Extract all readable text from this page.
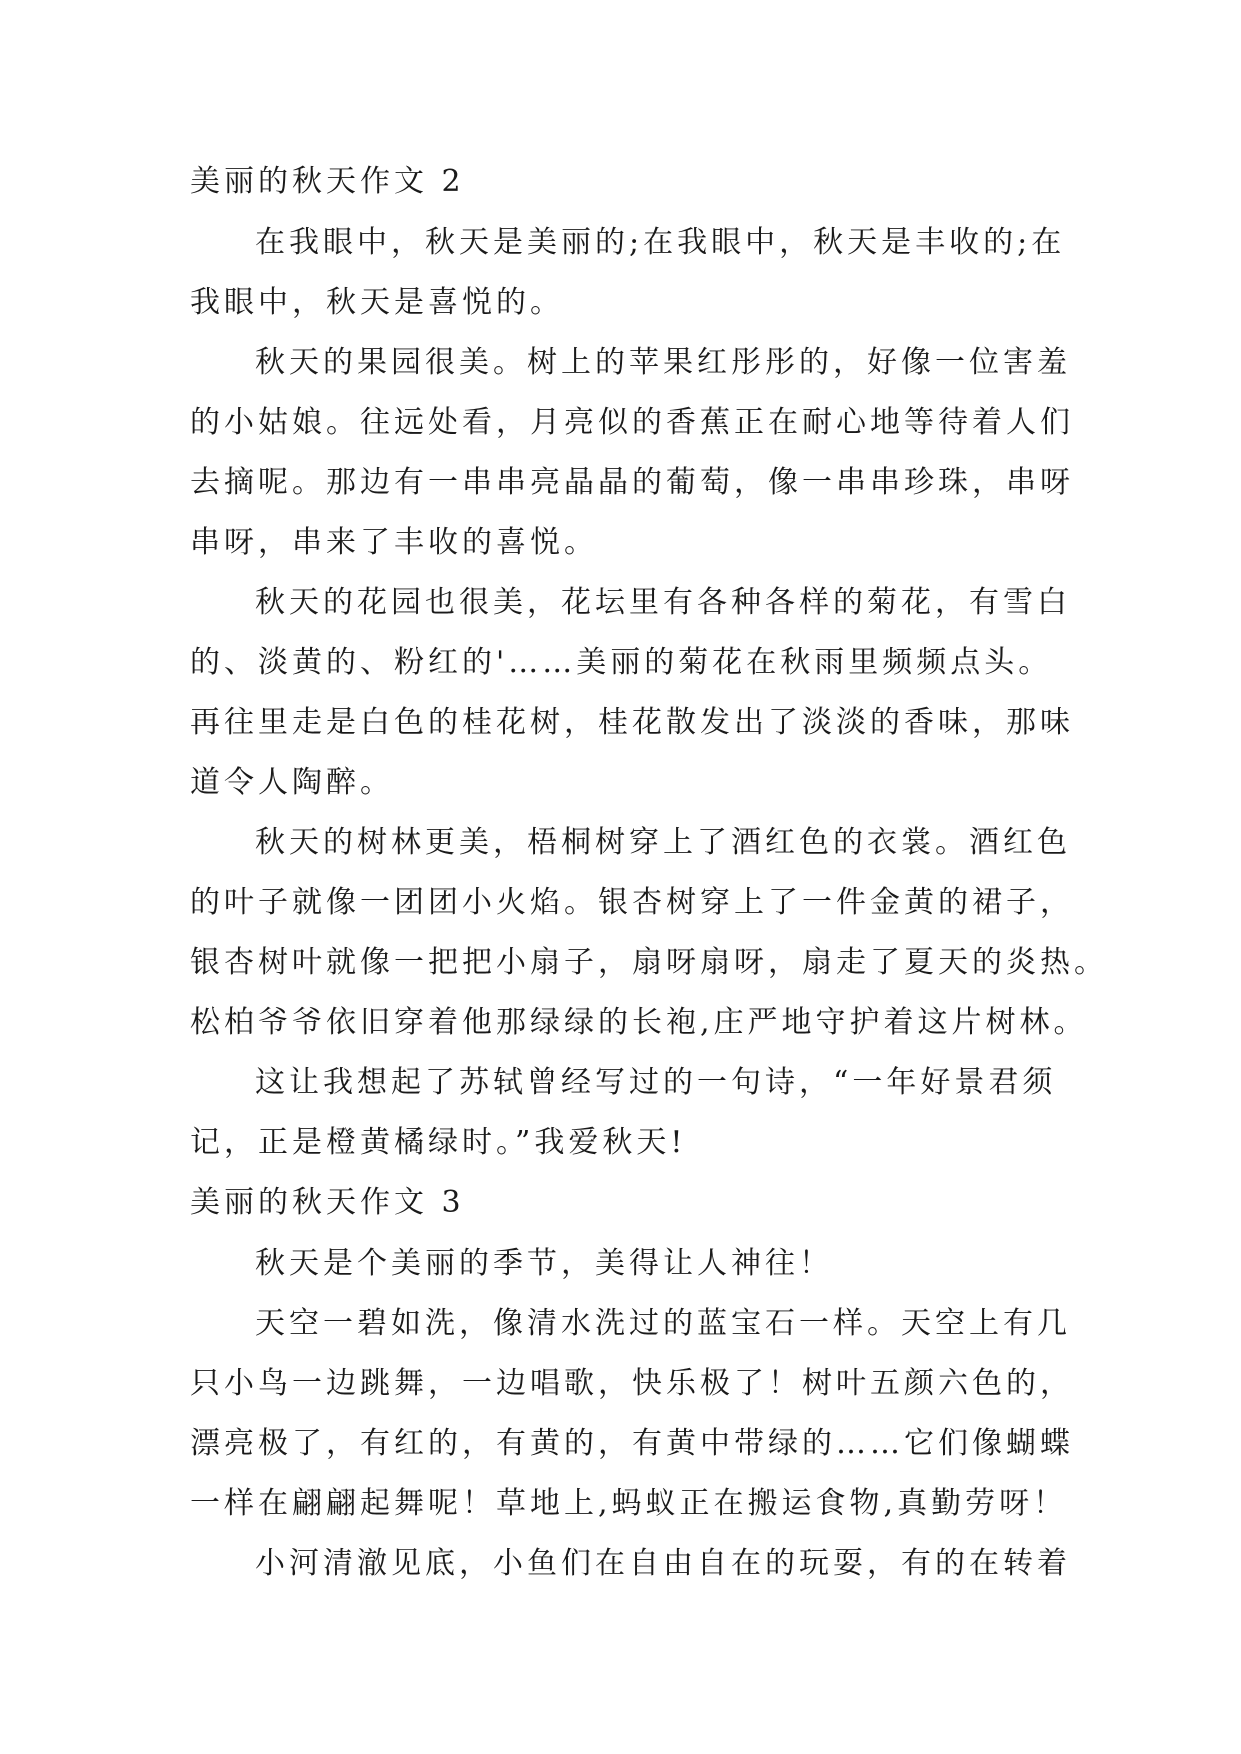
美丽的秋天作文 2
在我眼中，秋天是美丽的;在我眼中，秋天是丰收的;在
我眼中，秋天是喜悦的。
秋天的果园很美。树上的苹果红彤彤的，好像一位害羞
的小姑娘。往远处看，月亮似的香蕉正在耐心地等待着人们
去摘呢。那边有一串串亮晶晶的葡萄，像一串串珍珠，串呀
串呀，串来了丰收的喜悦。
秋天的花园也很美，花坛里有各种各样的菊花，有雪白
的、淡黄的、粉红的'……美丽的菊花在秋雨里频频点头。
再往里走是白色的桂花树，桂花散发出了淡淡的香味，那味
道令人陶醉。
秋天的树林更美，梧桐树穿上了酒红色的衣裳。酒红色
的叶子就像一团团小火焰。银杏树穿上了一件金黄的裙子，
银杏树叶就像一把把小扇子，扇呀扇呀，扇走了夏天的炎热。
松柏爷爷依旧穿着他那绿绿的长袍,庄严地守护着这片树林。
这让我想起了苏轼曾经写过的一句诗，“一年好景君须
记，正是橙黄橘绿时。”我爱秋天!
美丽的秋天作文 3
秋天是个美丽的季节，美得让人神往！
天空一碧如洗，像清水洗过的蓝宝石一样。天空上有几
只小鸟一边跳舞，一边唱歌，快乐极了！树叶五颜六色的，
漂亮极了，有红的，有黄的，有黄中带绿的……它们像蝴蝶
一样在翩翩起舞呢！草地上,蚂蚁正在搬运食物,真勤劳呀！
小河清澈见底，小鱼们在自由自在的玩耍，有的在转着
